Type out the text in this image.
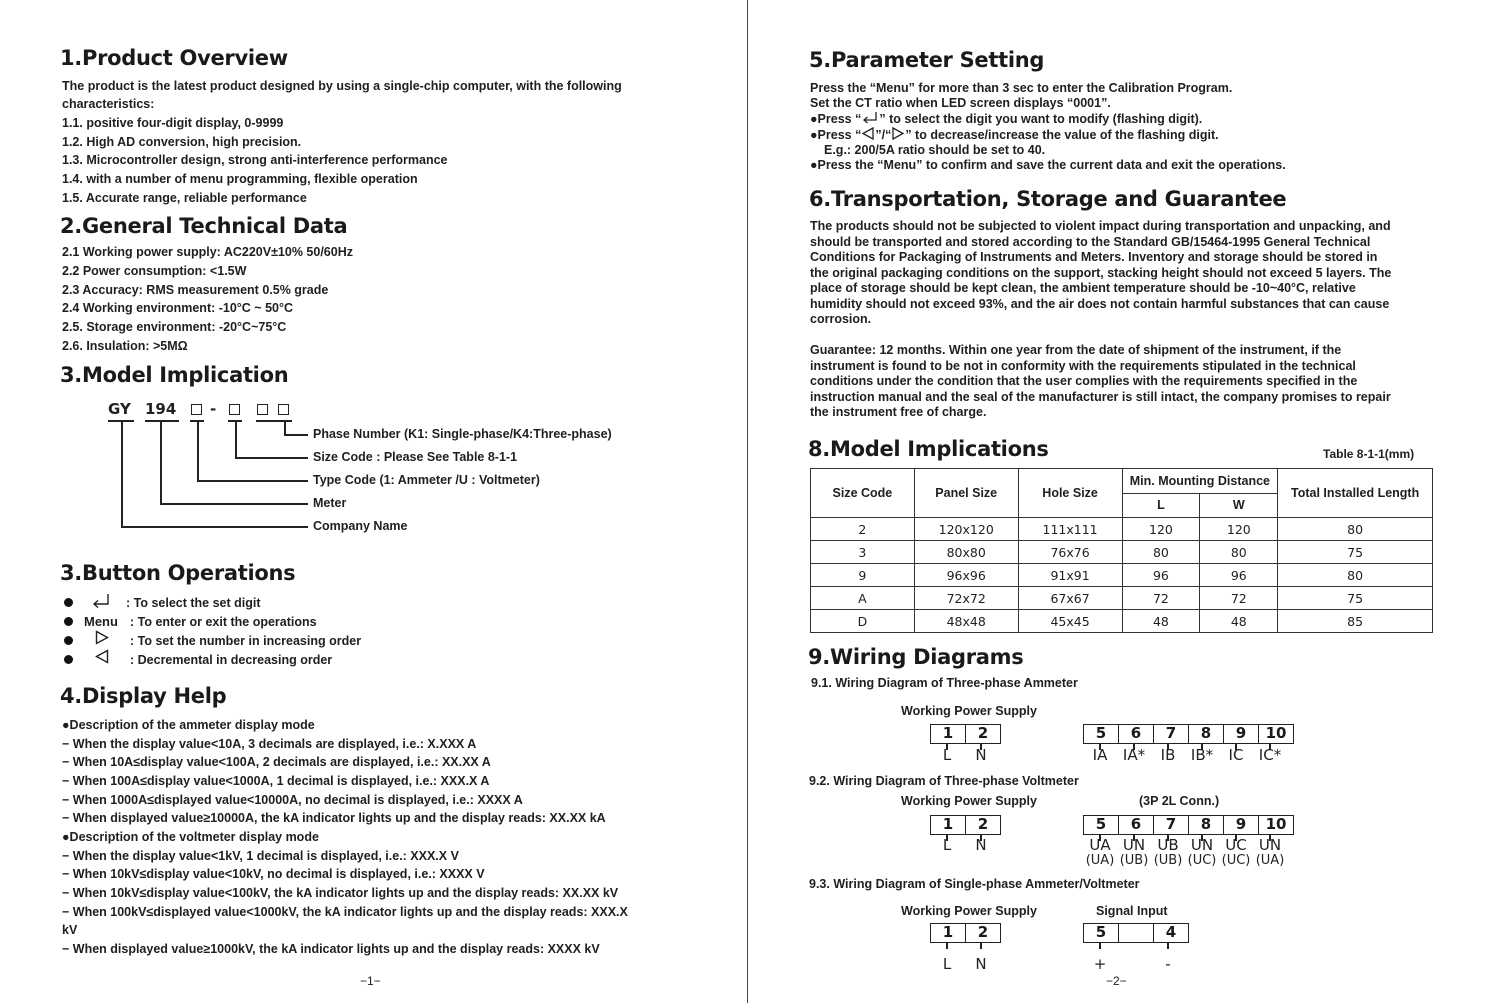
1.Product Overview
The product is the latest product designed by using a single-chip computer, with the following
characteristics:
1.1. positive four-digit display, 0-9999
1.2. High AD conversion, high precision.
1.3. Microcontroller design, strong anti-interference performance
1.4. with a number of menu programming, flexible operation
1.5. Accurate range, reliable performance
2.General Technical Data
2.1 Working power supply: AC220V±10% 50/60Hz
2.2 Power consumption: <1.5W
2.3 Accuracy: RMS measurement 0.5% grade
2.4 Working environment: -10°C ~ 50°C
2.5. Storage environment: -20°C~75°C
2.6. Insulation: >5MΩ
3.Model Implication
GY 194 -
Phase Number (K1: Single-phase/K4:Three-phase)
Size Code : Please See Table 8-1-1
Type Code (1: Ammeter /U : Voltmeter)
Meter
Company Name
3.Button Operations
: To select the set digit
Menu : To enter or exit the operations
: To set the number in increasing order
: Decremental in decreasing order
4.Display Help
●Description of the ammeter display mode
− When the display value<10A, 3 decimals are displayed, i.e.: X.XXX A
− When 10A≤display value<100A, 2 decimals are displayed, i.e.: XX.XX A
− When 100A≤display value<1000A, 1 decimal is displayed, i.e.: XXX.X A
− When 1000A≤displayed value<10000A, no decimal is displayed, i.e.: XXXX A
− When displayed value≥10000A, the kA indicator lights up and the display reads: XX.XX kA
●Description of the voltmeter display mode
− When the display value<1kV, 1 decimal is displayed, i.e.: XXX.X V
− When 10kV≤display value<10kV, no decimal is displayed, i.e.: XXXX V
− When 10kV≤display value<100kV, the kA indicator lights up and the display reads: XX.XX kV
− When 100kV≤displayed value<1000kV, the kA indicator lights up and the display reads: XXX.X
kV
− When displayed value≥1000kV, the kA indicator lights up and the display reads: XXXX kV
−1−
5.Parameter Setting
Press the “Menu” for more than 3 sec to enter the Calibration Program.
Set the CT ratio when LED screen displays “0001”.
●Press “ ” to select the digit you want to modify (flashing digit).
●Press “ ”/“ ” to decrease/increase the value of the flashing digit.
E.g.: 200/5A ratio should be set to 40.
●Press the “Menu” to confirm and save the current data and exit the operations.
6.Transportation, Storage and Guarantee
The products should not be subjected to violent impact during transportation and unpacking, and
should be transported and stored according to the Standard GB/15464-1995 General Technical
Conditions for Packaging of Instruments and Meters. Inventory and storage should be stored in
the original packaging conditions on the support, stacking height should not exceed 5 layers. The
place of storage should be kept clean, the ambient temperature should be -10~40°C, relative
humidity should not exceed 93%, and the air does not contain harmful substances that can cause
corrosion.
Guarantee: 12 months. Within one year from the date of shipment of the instrument, if the
instrument is found to be not in conformity with the requirements stipulated in the technical
conditions under the condition that the user complies with the requirements specified in the
instruction manual and the seal of the manufacturer is still intact, the company promises to repair
the instrument free of charge.
8.Model Implications	Table 8-1-1(mm)
Size Code	Panel Size	Hole Size	Min. Mounting Distance		Total Installed Length
			L	W	
2	120x120	111x111	120	120	80
3	80x80	76x76	80	80	75
9	96x96	91x91	96	96	80
A	72x72	67x67	72	72	75
D	48x48	45x45	48	48	85
9.Wiring Diagrams
9.1. Wiring Diagram of Three-phase Ammeter
Working Power Supply
1	2
L	N
5	6	7	8	9	10
IA	IA*	IB	IB*	IC	IC*
9.2. Wiring Diagram of Three-phase Voltmeter
Working Power Supply	(3P 2L Conn.)
1	2
L	N
5	6	7	8	9	10
UA UN UB UN UC UN
(UA) (UB) (UB) (UC) (UC) (UA)
9.3. Wiring Diagram of Single-phase Ammeter/Voltmeter
Working Power Supply	Signal Input
1	2
L	N
5	4
+	-
−2−
